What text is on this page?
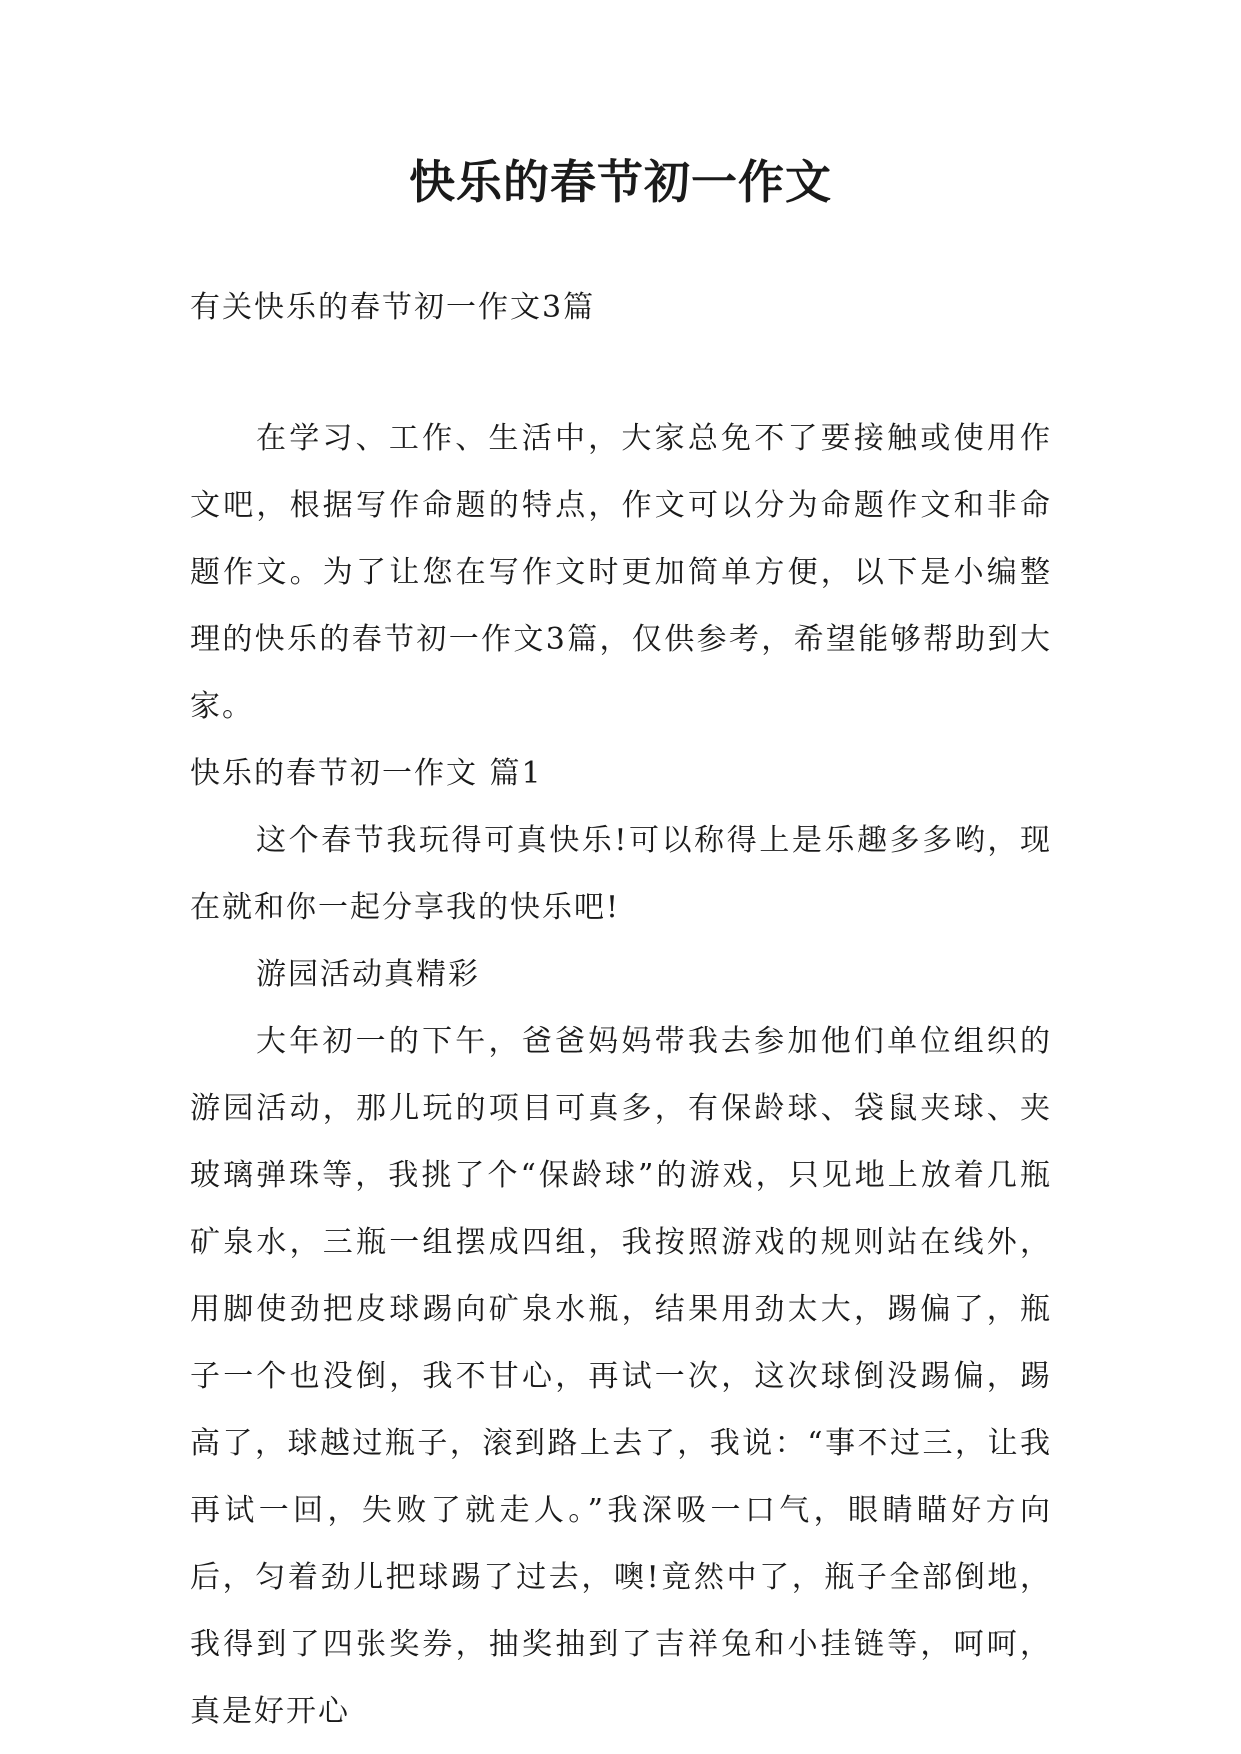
快乐的春节初一作文
有关快乐的春节初一作文3篇

在学习、工作、生活中，大家总免不了要接触或使用作文吧，根据写作命题的特点，作文可以分为命题作文和非命题作文。为了让您在写作文时更加简单方便，以下是小编整理的快乐的春节初一作文3篇，仅供参考，希望能够帮助到大家。

快乐的春节初一作文 篇1

这个春节我玩得可真快乐!可以称得上是乐趣多多哟，现在就和你一起分享我的快乐吧!

游园活动真精彩

大年初一的下午，爸爸妈妈带我去参加他们单位组织的游园活动，那儿玩的项目可真多，有保龄球、袋鼠夹球、夹玻璃弹珠等，我挑了个“保龄球”的游戏，只见地上放着几瓶矿泉水，三瓶一组摆成四组，我按照游戏的规则站在线外，用脚使劲把皮球踢向矿泉水瓶，结果用劲太大，踢偏了，瓶子一个也没倒，我不甘心，再试一次，这次球倒没踢偏，踢高了，球越过瓶子，滚到路上去了，我说：“事不过三，让我再试一回，失败了就走人。”我深吸一口气，眼睛瞄好方向后，匀着劲儿把球踢了过去，噢!竟然中了，瓶子全部倒地，我得到了四张奖券，抽奖抽到了吉祥兔和小挂链等，呵呵，真是好开心
